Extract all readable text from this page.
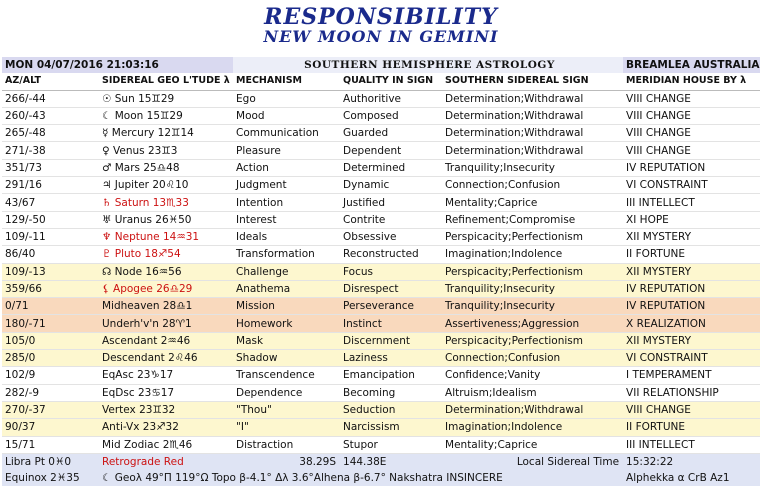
RESPONSIBILITY
NEW MOON IN GEMINI
MON 04/07/2016 21:03:16		SOUTHERN HEMISPHERE ASTROLOGY			BREAMLEA AUSTRALIA
AZ/ALT	SIDEREAL GEO L'TUDE λ	MECHANISM	QUALITY IN SIGN	SOUTHERN SIDEREAL SIGN	MERIDIAN HOUSE BY λ
266/-44	☉ Sun 15♊29	Ego	Authoritive	Determination;Withdrawal	VIII CHANGE
260/-43	☾ Moon 15♊29	Mood	Composed	Determination;Withdrawal	VIII CHANGE
265/-48	☿ Mercury 12♊14	Communication	Guarded	Determination;Withdrawal	VIII CHANGE
271/-38	♀ Venus 23♊3	Pleasure	Dependent	Determination;Withdrawal	VIII CHANGE
351/73	♂ Mars 25♎48	Action	Determined	Tranquility;Insecurity	IV REPUTATION
291/16	♃ Jupiter 20♌10	Judgment	Dynamic	Connection;Confusion	VI CONSTRAINT
43/67	♄ Saturn 13♏33	Intention	Justified	Mentality;Caprice	III INTELLECT
129/-50	♅ Uranus 26♓50	Interest	Contrite	Refinement;Compromise	XI HOPE
109/-11	♆ Neptune 14♒31	Ideals	Obsessive	Perspicacity;Perfectionism	XII MYSTERY
86/40	♇ Pluto 18♐54	Transformation	Reconstructed	Imagination;Indolence	II FORTUNE
109/-13	☊ Node 16♒56	Challenge	Focus	Perspicacity;Perfectionism	XII MYSTERY
359/66	⚸ Apogee 26♎29	Anathema	Disrespect	Tranquility;Insecurity	IV REPUTATION
0/71	Midheaven 28♎1	Mission	Perseverance	Tranquility;Insecurity	IV REPUTATION
180/-71	Underh'v'n 28♈1	Homework	Instinct	Assertiveness;Aggression	X REALIZATION
105/0	Ascendant 2♒46	Mask	Discernment	Perspicacity;Perfectionism	XII MYSTERY
285/0	Descendant 2♌46	Shadow	Laziness	Connection;Confusion	VI CONSTRAINT
102/9	EqAsc 23♑17	Transcendence	Emancipation	Confidence;Vanity	I TEMPERAMENT
282/-9	EqDsc 23♋17	Dependence	Becoming	Altruism;Idealism	VII RELATIONSHIP
270/-37	Vertex 23♊32	"Thou"	Seduction	Determination;Withdrawal	VIII CHANGE
90/37	Anti-Vx 23♐32	"I"	Narcissism	Imagination;Indolence	II FORTUNE
15/71	Mid Zodiac 2♏46	Distraction	Stupor	Mentality;Caprice	III INTELLECT
Libra Pt 0♓0	Retrograde Red	38.29S	144.38E	Local Sidereal Time	15:32:22
Equinox 2♓35	☾ Geoλ 49°Π 119°Ω Topo β-4.1° Δλ 3.6°Alhena β-6.7° Nakshatra INSINCERE				Alphekka α CrB Az1
